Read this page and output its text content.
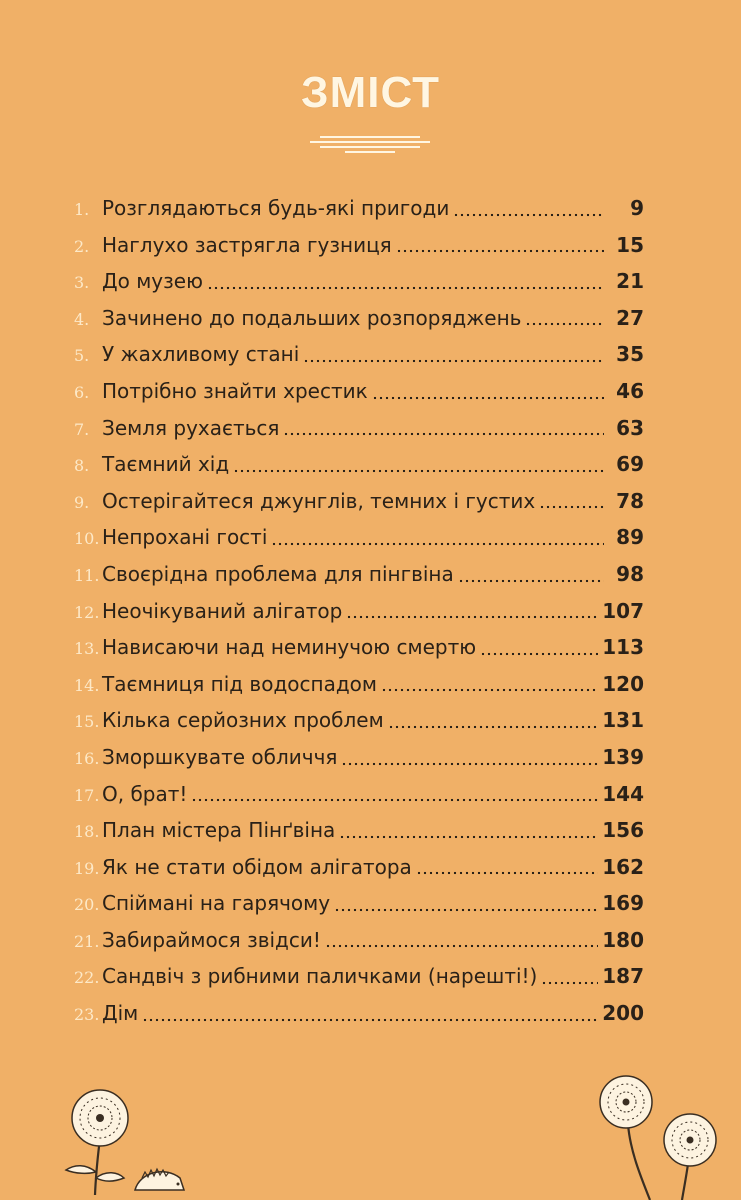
ЗМІСТ
1. Розглядаються будь-які пригоди	9
2. Наглухо застрягла гузниця	15
3. До музею	21
4. Зачинено до подальших розпоряджень	27
5. У жахливому стані	35
6. Потрібно знайти хрестик	46
7. Земля рухається	63
8. Таємний хід	69
9. Остерігайтеся джунглів, темних і густих	78
10. Непрохані гості	89
11. Своєрідна проблема для пінгвіна	98
12. Неочікуваний алігатор	107
13. Нависаючи над неминучою смертю	113
14. Таємниця під водоспадом	120
15. Кілька серйозних проблем	131
16. Зморшкувате обличчя	139
17. О, брат!	144
18. План містера Пінґвіна	156
19. Як не стати обідом алігатора	162
20. Спіймані на гарячому	169
21. Забираймося звідси!	180
22. Сандвіч з рибними паличками (нарешті!)	187
23. Дім	200
